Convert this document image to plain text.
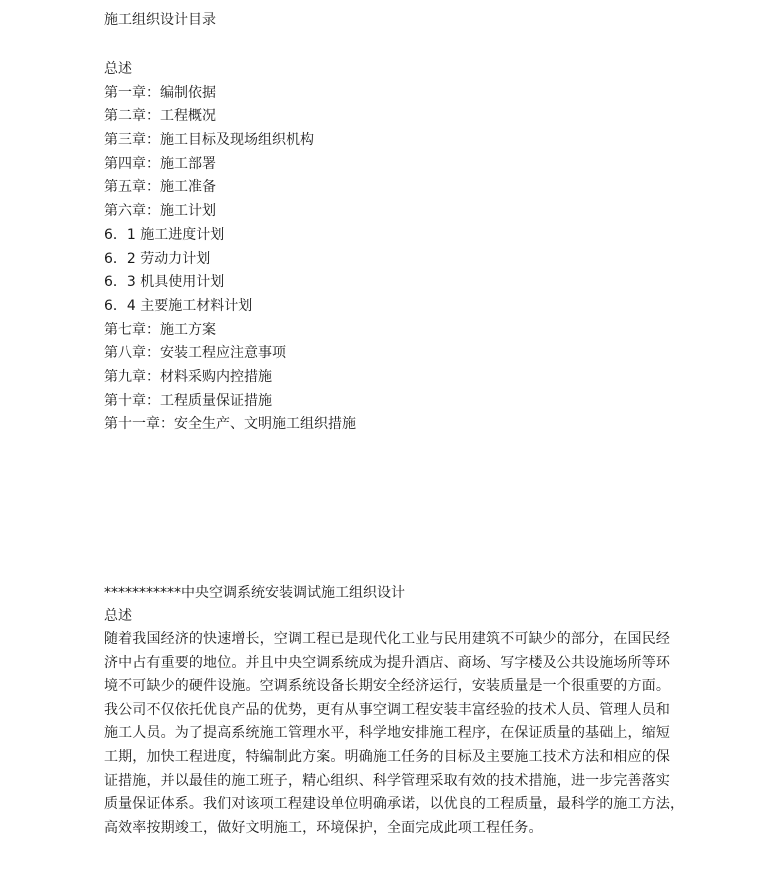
施工组织设计目录
总述
第一章：编制依据
第二章：工程概况
第三章：施工目标及现场组织机构
第四章：施工部署
第五章：施工准备
第六章：施工计划
6．1 施工进度计划
6．2 劳动力计划
6．3 机具使用计划
6．4 主要施工材料计划
第七章：施工方案
第八章：安装工程应注意事项
第九章：材料采购内控措施
第十章：工程质量保证措施
第十一章：安全生产、文明施工组织措施
***********中央空调系统安装调试施工组织设计
总述
随着我国经济的快速增长，空调工程已是现代化工业与民用建筑不可缺少的部分，在国民经
济中占有重要的地位。并且中央空调系统成为提升酒店、商场、写字楼及公共设施场所等环
境不可缺少的硬件设施。空调系统设备长期安全经济运行，安装质量是一个很重要的方面。
我公司不仅依托优良产品的优势，更有从事空调工程安装丰富经验的技术人员、管理人员和
施工人员。为了提高系统施工管理水平，科学地安排施工程序，在保证质量的基础上，缩短
工期，加快工程进度，特编制此方案。明确施工任务的目标及主要施工技术方法和相应的保
证措施，并以最佳的施工班子，精心组织、科学管理采取有效的技术措施，进一步完善落实
质量保证体系。我们对该项工程建设单位明确承诺，以优良的工程质量，最科学的施工方法，
高效率按期竣工，做好文明施工，环境保护，全面完成此项工程任务。
